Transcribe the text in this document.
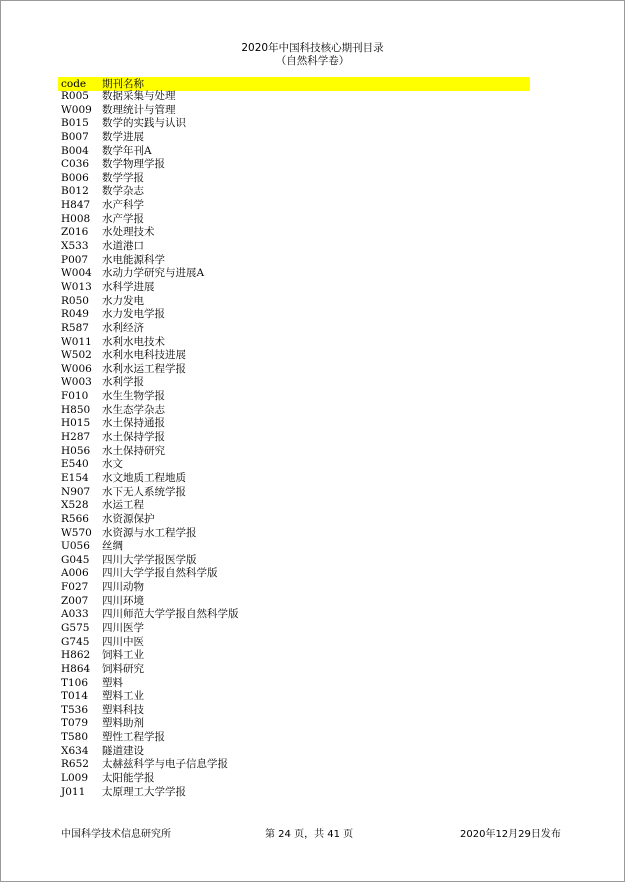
2020年中国科技核心期刊目录
（自然科学卷）
code 期刊名称
R005 数据采集与处理
W009 数理统计与管理
B015 数学的实践与认识
B007 数学进展
B004 数学年刊A
C036 数学物理学报
B006 数学学报
B012 数学杂志
H847 水产科学
H008 水产学报
Z016 水处理技术
X533 水道港口
P007 水电能源科学
W004 水动力学研究与进展A
W013 水科学进展
R050 水力发电
R049 水力发电学报
R587 水利经济
W011 水利水电技术
W502 水利水电科技进展
W006 水利水运工程学报
W003 水利学报
F010 水生生物学报
H850 水生态学杂志
H015 水土保持通报
H287 水土保持学报
H056 水土保持研究
E540 水文
E154 水文地质工程地质
N907 水下无人系统学报
X528 水运工程
R566 水资源保护
W570 水资源与水工程学报
U056 丝绸
G045 四川大学学报医学版
A006 四川大学学报自然科学版
F027 四川动物
Z007 四川环境
A033 四川师范大学学报自然科学版
G575 四川医学
G745 四川中医
H862 饲料工业
H864 饲料研究
T106 塑料
T014 塑料工业
T536 塑料科技
T079 塑料助剂
T580 塑性工程学报
X634 隧道建设
R652 太赫兹科学与电子信息学报
L009 太阳能学报
J011 太原理工大学学报
中国科学技术信息研究所	第 24 页，共 41 页	2020年12月29日发布
